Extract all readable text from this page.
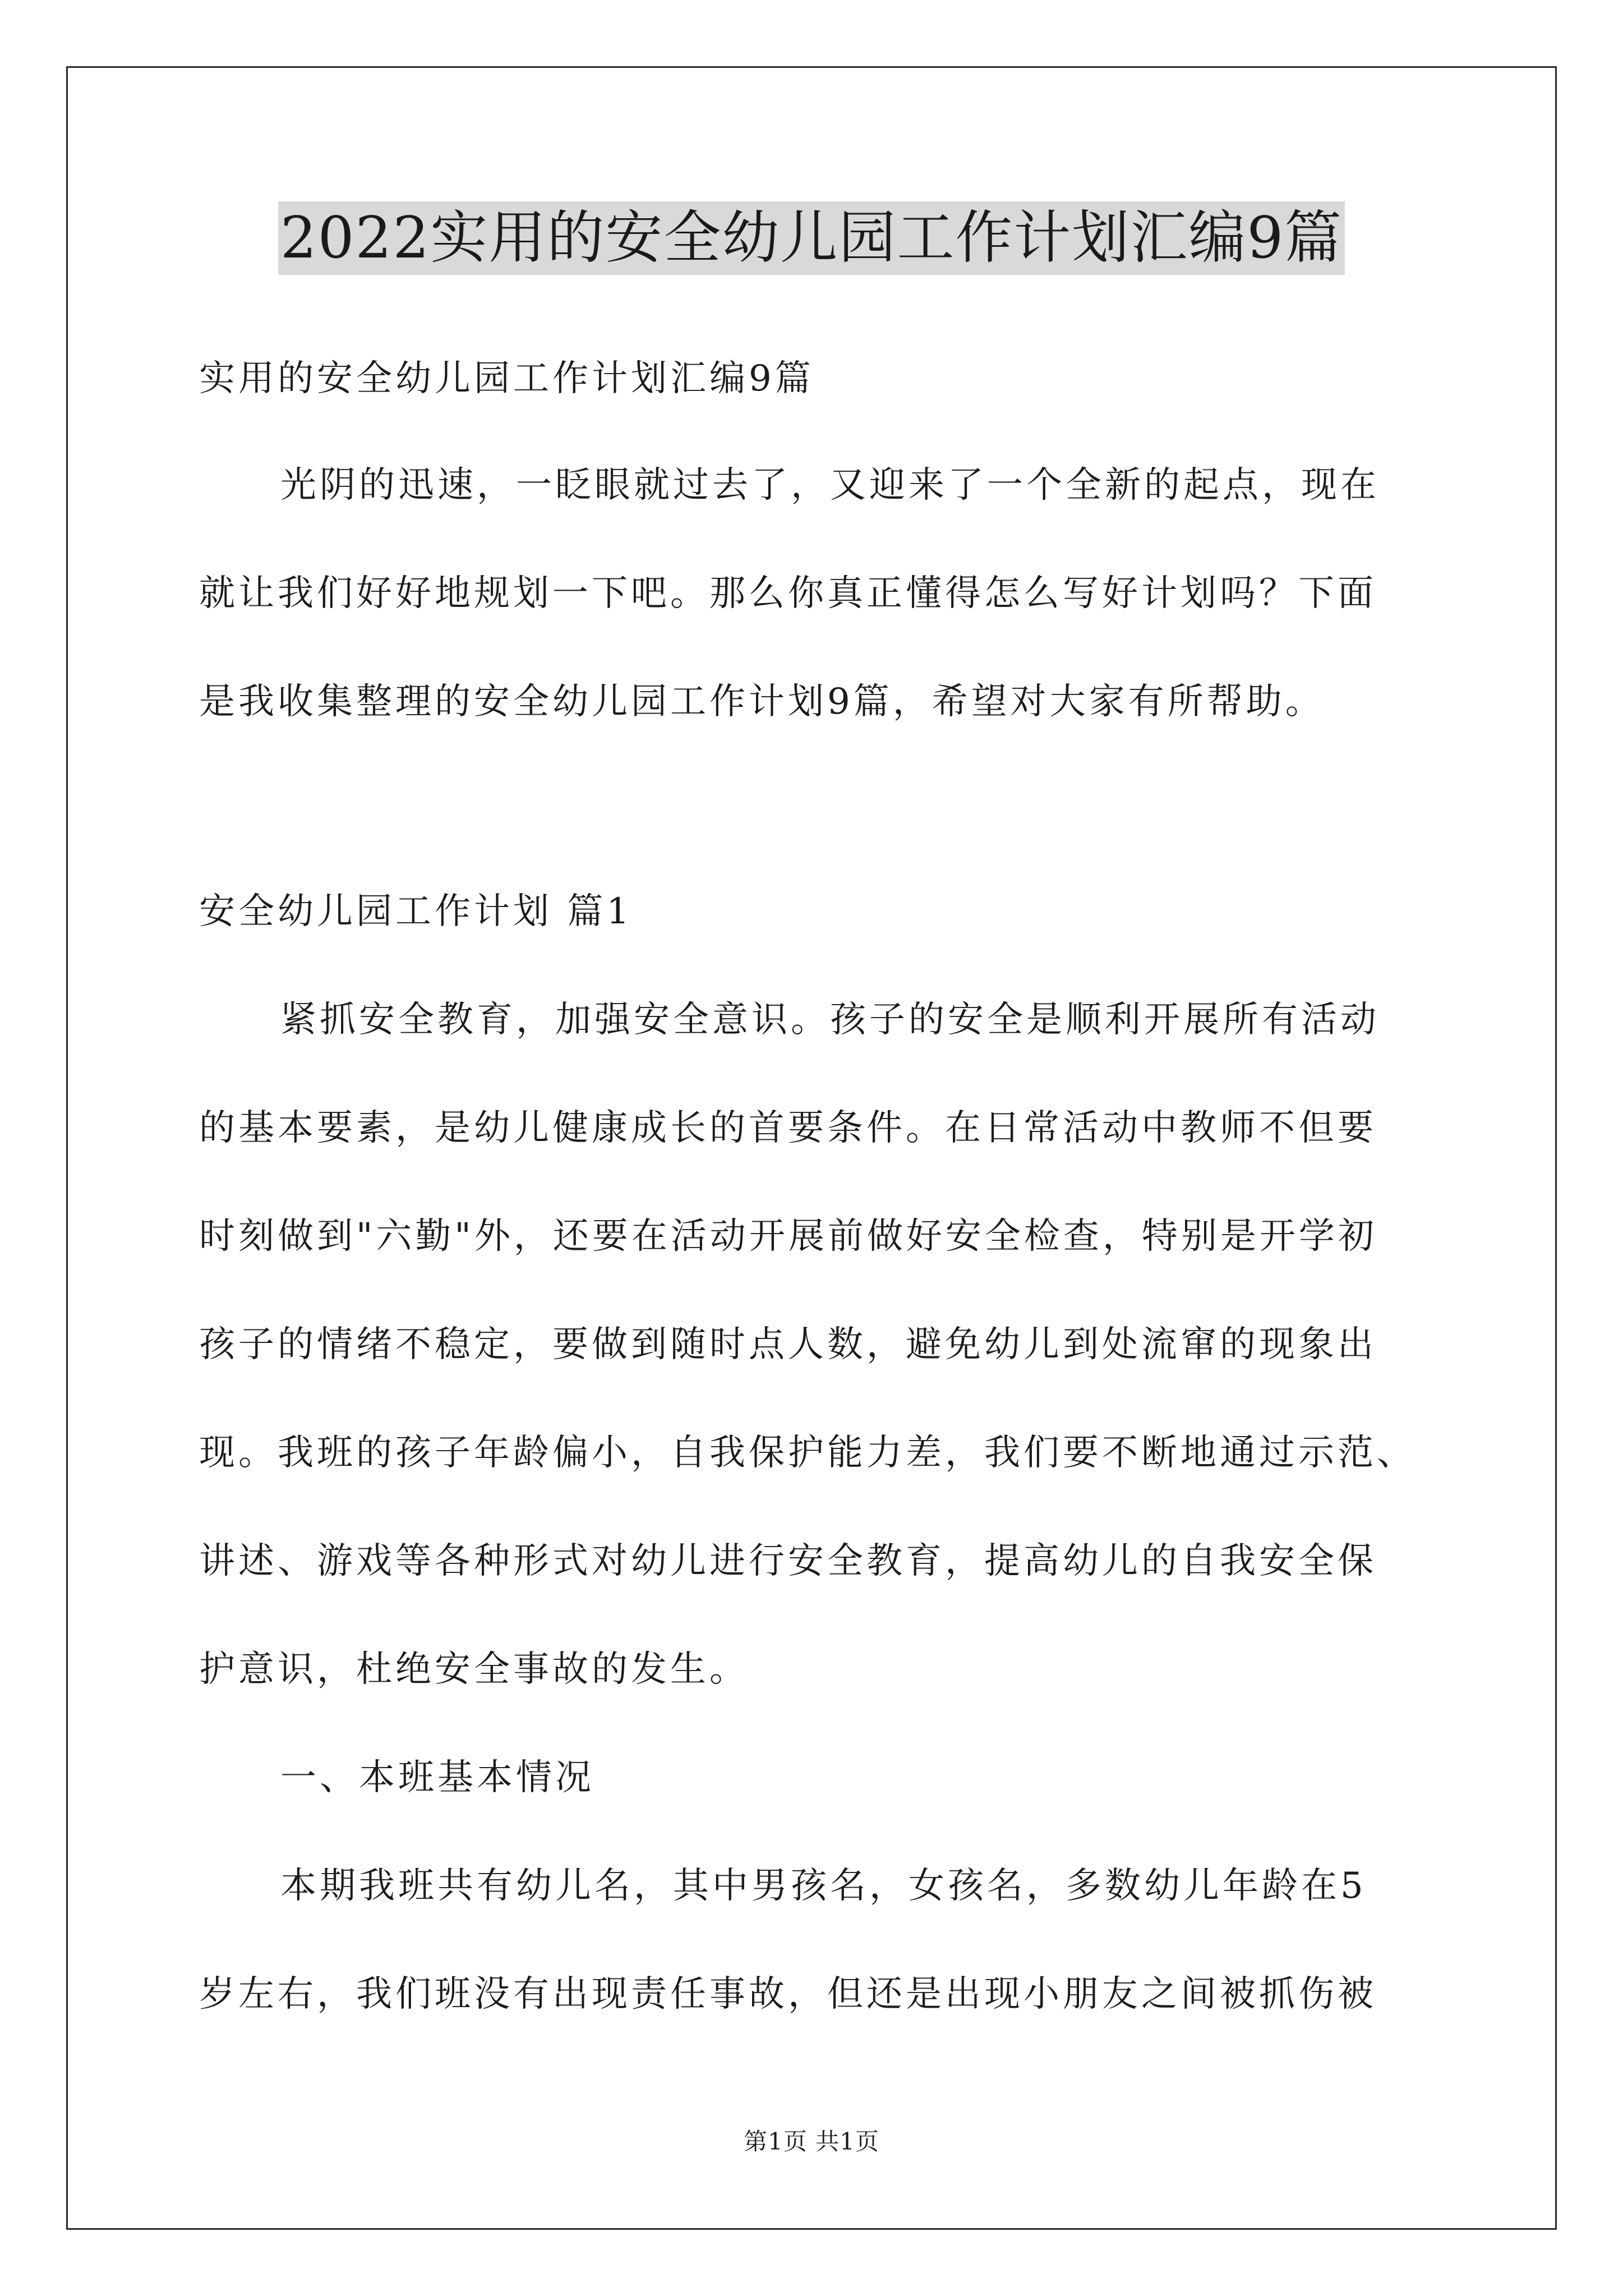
2022实用的安全幼儿园工作计划汇编9篇
实用的安全幼儿园工作计划汇编9篇
光阴的迅速，一眨眼就过去了，又迎来了一个全新的起点，现在
就让我们好好地规划一下吧。那么你真正懂得怎么写好计划吗？下面
是我收集整理的安全幼儿园工作计划9篇，希望对大家有所帮助。
安全幼儿园工作计划 篇1
紧抓安全教育，加强安全意识。孩子的安全是顺利开展所有活动
的基本要素，是幼儿健康成长的首要条件。在日常活动中教师不但要
时刻做到"六勤"外，还要在活动开展前做好安全检查，特别是开学初
孩子的情绪不稳定，要做到随时点人数，避免幼儿到处流窜的现象出
现。我班的孩子年龄偏小，自我保护能力差，我们要不断地通过示范、
讲述、游戏等各种形式对幼儿进行安全教育，提高幼儿的自我安全保
护意识，杜绝安全事故的发生。
一、本班基本情况
本期我班共有幼儿名，其中男孩名，女孩名，多数幼儿年龄在5
岁左右，我们班没有出现责任事故，但还是出现小朋友之间被抓伤被
第1页 共1页
